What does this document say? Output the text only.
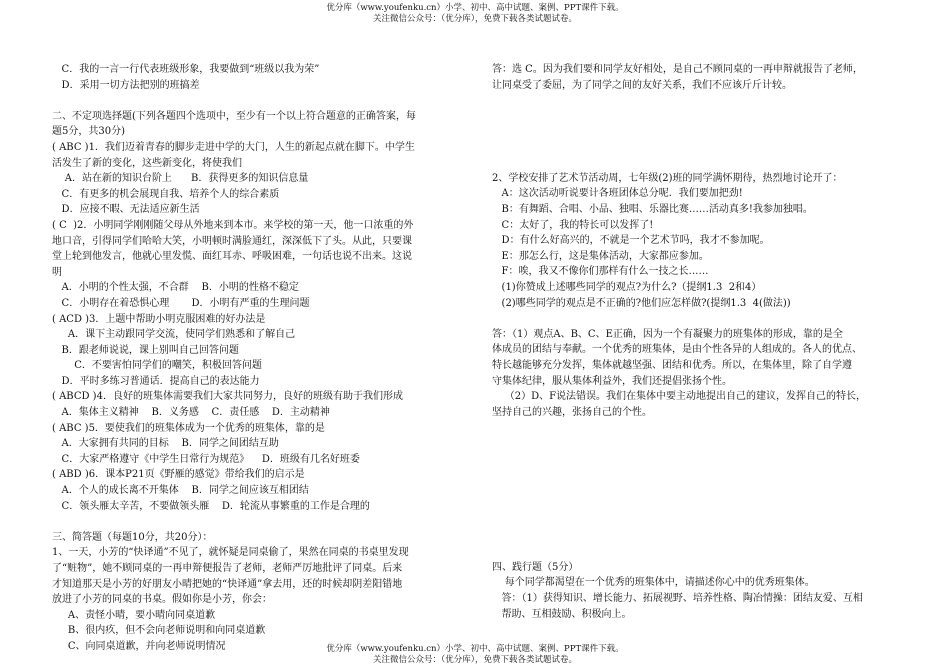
优分库（www.youfenku.cn）小学、初中、高中试题、案例、PPT课件下载。
关注微信公众号：（优分库），免费下载各类试题试卷。
C．我的一言一行代表班级形象，我要做到“班级以我为荣”
D．采用一切方法把别的班搞差
二、不定项选择题(下列各题四个选项中，至少有一个以上符合题意的正确答案，每
题5分，共30分)
( ABC )1．我们迈着青春的脚步走进中学的大门，人生的新起点就在脚下。中学生
活发生了新的变化，这些新变化，将使我们
A．站在新的知识台阶上      B．获得更多的知识信息量
C．有更多的机会展现自我、培养个人的综合素质
D．应接不暇、无法适应新生活
( C  )2．小明同学刚刚随父母从外地来到本市。来学校的第一天，他一口浓重的外
地口音，引得同学们哈哈大笑，小明顿时满脸通红，深深低下了头。从此，只要课
堂上轮到他发言，他就心里发慌、面红耳赤、呼吸困难，一句话也说不出来。这说
明
A．小明的个性太强，不合群    B．小明的性格不稳定
C．小明存在着恐惧心理       D．小明有严重的生理问题
( ACD )3．上题中帮助小明克服困难的好办法是
A．课下主动跟同学交流，使同学们熟悉和了解自己
B．跟老师说说，课上别叫自己回答问题
C．不要害怕同学们的嘲笑，积极回答问题
D．平时多练习普通话．提高自己的表达能力
( ABCD )4．良好的班集体需要我们大家共同努力，良好的班级有助于我们形成
A．集体主义精神    B．义务感    C．责任感    D．主动精神
( ABC )5．要使我们的班集体成为一个优秀的班集体，靠的是
A．大家拥有共同的目标    B．同学之间团结互助
C．大家严格遵守《中学生日常行为规范》    D．班级有几名好班委
( ABD )6．课本P21页《野雁的感觉》带给我们的启示是
A．个人的成长离不开集体    B．同学之间应该互相团结
C．领头雁太辛苦，不要做领头雁    D．轮流从事繁重的工作是合理的
三、简答题（每题10分，共20分）：
1、一天，小芳的“快译通”不见了，就怀疑是同桌偷了，果然在同桌的书桌里发现
了“赃物”，她不顾同桌的一再申辩便报告了老师，老师严厉地批评了同桌。后来
才知道那天是小芳的好朋友小晴把她的“快译通”拿去用，还的时候却阴差阳错地
放进了小芳的同桌的书桌。假如你是小芳，你会：
A、责怪小晴，要小晴向同桌道歉
B、很内疚，但不会向老师说明和向同桌道歉
C、向同桌道歉，并向老师说明情况
答：选 C。因为我们要和同学友好相处，是自己不顾同桌的一再申辩就报告了老师，
让同桌受了委屈，为了同学之间的友好关系，我们不应该斤斤计较。
2、学校安排了艺术节活动周，七年级(2)班的同学满怀期待，热烈地讨论开了：
A：这次活动听说要计各班团体总分呢．我们要加把劲!
B：有舞蹈、合唱、小品、独唱、乐器比赛……活动真多!我参加独唱。
C：太好了，我的特长可以发挥了!
D：有什么好高兴的，不就是一个艺术节吗，我才不参加呢。
E：那怎么行，这是集体活动，大家都应参加。
F：唉，我又不像你们那样有什么一技之长……
(1)你赞成上述哪些同学的观点?为什么?（提纲1.3  2和4）
(2)哪些同学的观点是不正确的?他们应怎样做?(提纲1.3  4(做法))
答：（1）观点A、B、C、E正确，因为一个有凝聚力的班集体的形成，靠的是全
体成员的团结与奉献。一个优秀的班集体，是由个性各异的人组成的。各人的优点、
特长越能够充分发挥，集体就越坚强、团结和优秀。所以，在集体里，除了自学遵
守集体纪律，服从集体利益外，我们还提倡张扬个性。
（2）D、F说法错误。我们在集体中要主动地提出自己的建议，发挥自己的特长，
坚持自己的兴趣，张扬自己的个性。
四、践行题（5分）
每个同学都渴望在一个优秀的班集体中，请描述你心中的优秀班集体。
答：（1）获得知识、增长能力、拓展视野、培养性格、陶冶情操：团结友爱、互相
帮助、互相鼓励、积极向上。
优分库（www.youfenku.cn）小学、初中、高中试题、案例、PPT课件下载。
关注微信公众号：（优分库），免费下载各类试题试卷。
